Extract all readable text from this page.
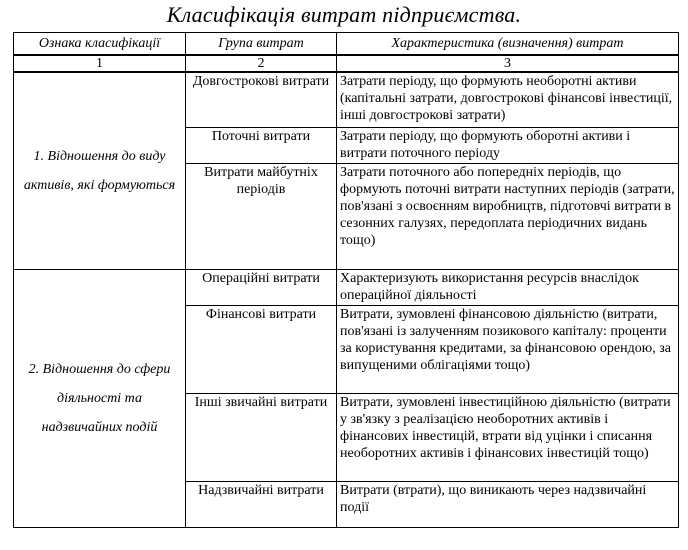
Класифікація витрат підприємства.
Ознака класифікації	Група витрат	Характеристика (визначення) витрат
1	2	3
1. Відношення до виду активів, які формуються	Довгострокові витрати	Затрати періоду, що формують необоротні активи (капітальні затрати, довгострокові фінансові інвестиції, інші довгострокові затрати)
	Поточні витрати	Затрати періоду, що формують оборотні активи і витрати поточного періоду
	Витрати майбутніх періодів	Затрати поточного або попередніх періодів, що формують поточні витрати наступних періодів (затрати, пов'язані з освоєнням виробництв, підготовчі витрати в сезонних галузях, передоплата періодичних видань тощо)
2. Відношення до сфери діяльності та надзвичайних подій	Операційні витрати	Характеризують використання ресурсів внаслідок операційної діяльності
	Фінансові витрати	Витрати, зумовлені фінансовою діяльністю (витрати, пов'язані із залученням позикового капіталу: проценти за користування кредитами, за фінансовою орендою, за випущеними облігаціями тощо)
	Інші звичайні витрати	Витрати, зумовлені інвестиційною діяльністю (витрати у зв'язку з реалізацією необоротних активів і фінансових інвестицій, втрати від уцінки і списання необоротних активів і фінансових інвестицій тощо)
	Надзвичайні витрати	Витрати (втрати), що виникають через надзвичайні події
